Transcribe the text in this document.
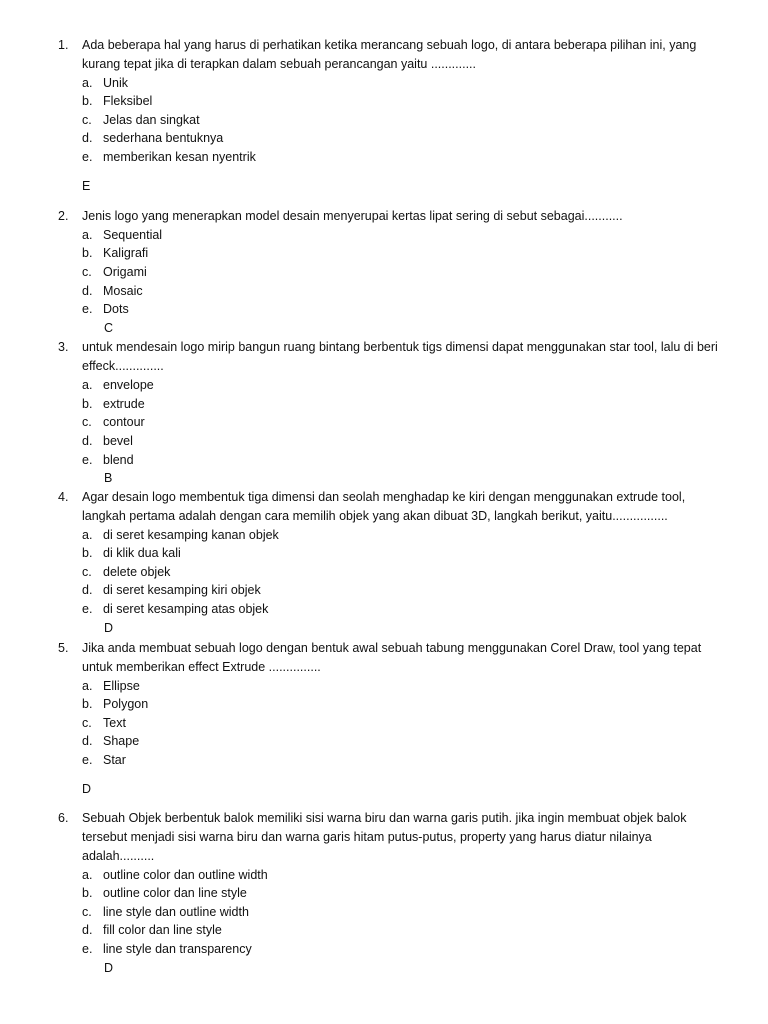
1. Ada beberapa hal yang harus di perhatikan ketika merancang sebuah logo, di antara beberapa pilihan ini, yang
kurang tepat jika di terapkan dalam sebuah perancangan yaitu .............
a. Unik
b. Fleksibel
c. Jelas dan singkat
d. sederhana bentuknya
e. memberikan kesan nyentrik
E
2. Jenis logo yang menerapkan model desain menyerupai kertas lipat sering di sebut sebagai...........
a. Sequential
b. Kaligrafi
c. Origami
d. Mosaic
e. Dots
C
3. untuk mendesain logo mirip bangun ruang bintang berbentuk tigs dimensi dapat menggunakan star tool, lalu di beri
effeck..............
a. envelope
b. extrude
c. contour
d. bevel
e. blend
B
4. Agar desain logo membentuk tiga dimensi dan seolah menghadap ke kiri dengan menggunakan extrude tool,
langkah pertama adalah dengan cara memilih objek yang akan dibuat 3D, langkah berikut, yaitu................
a. di seret kesamping kanan objek
b. di klik dua kali
c. delete objek
d. di seret kesamping kiri objek
e. di seret kesamping atas objek
D
5. Jika anda membuat sebuah logo dengan bentuk awal sebuah tabung menggunakan Corel Draw, tool yang tepat
untuk memberikan effect Extrude ...............
a. Ellipse
b. Polygon
c. Text
d. Shape
e. Star
D
6. Sebuah Objek berbentuk balok memiliki sisi warna biru dan warna garis putih. jika ingin membuat objek balok
tersebut menjadi sisi warna biru dan warna garis hitam putus-putus, property yang harus diatur nilainya
adalah..........
a. outline color dan outline width
b. outline color dan line style
c. line style dan outline width
d. fill color dan line style
e. line style dan transparency
D
